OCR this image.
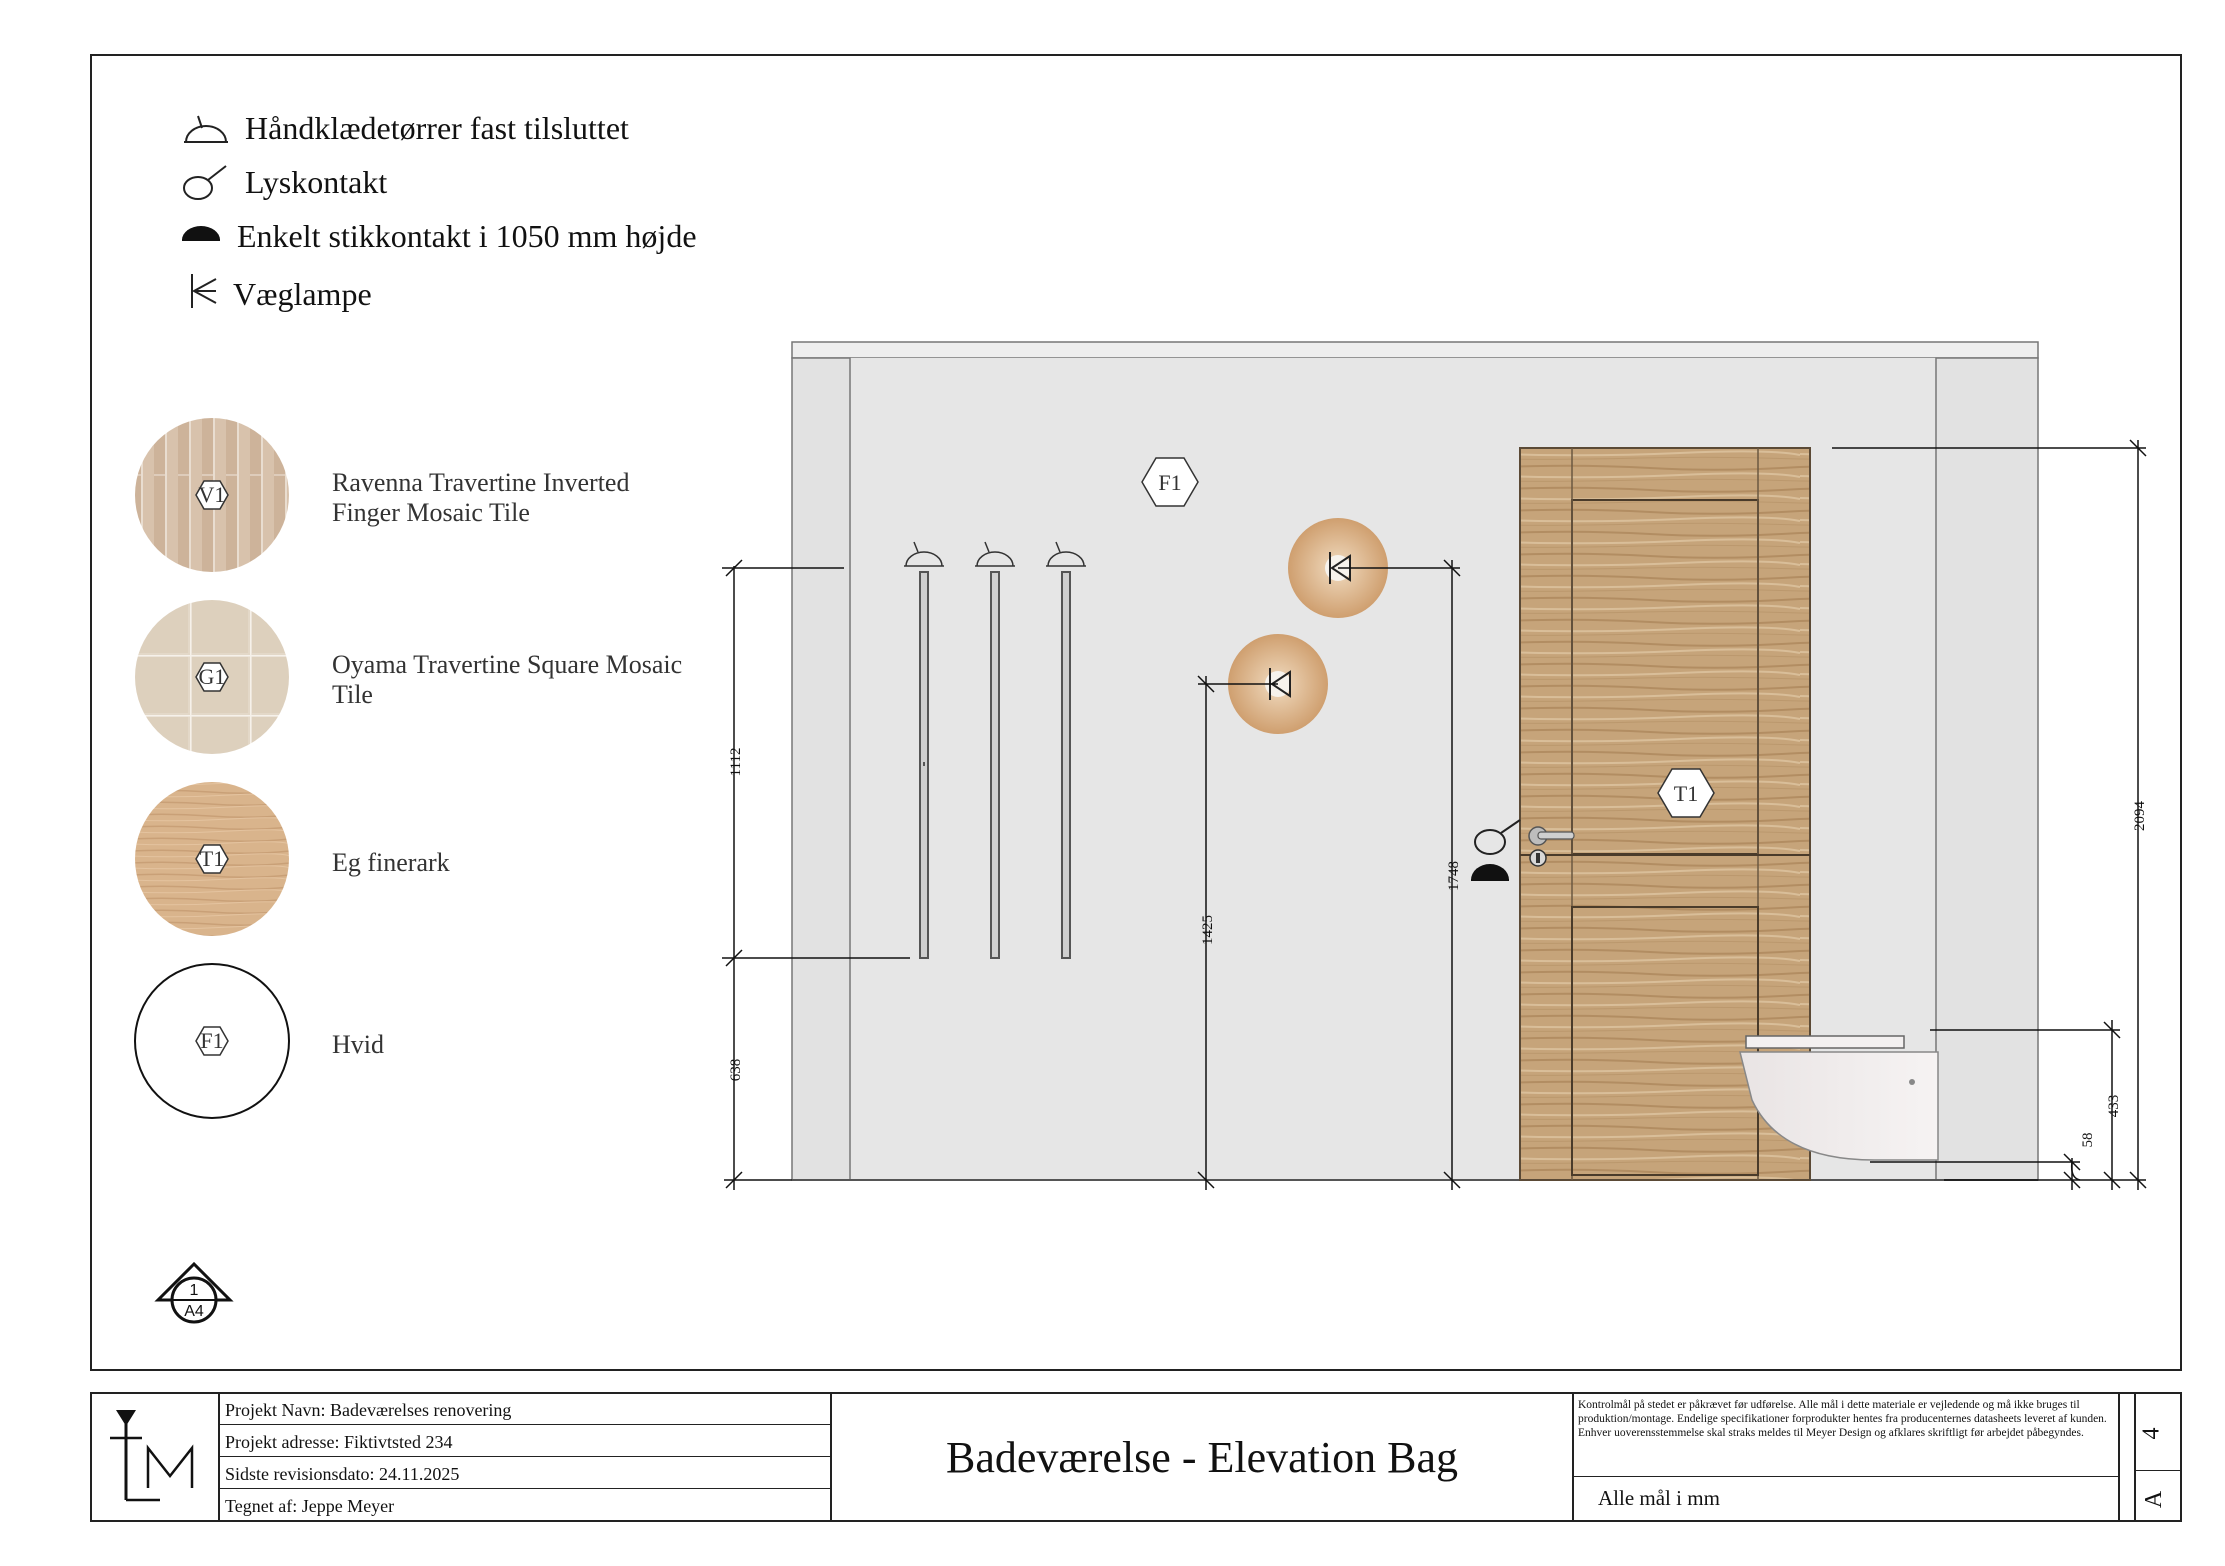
Håndklædetørrer fast tilsluttet
Lyskontakt
Enkelt stikkontakt i 1050 mm højde
Væglampe
V1
G1
T1
F1
Ravenna Travertine Inverted Finger Mosaic Tile
Oyama Travertine Square Mosaic Tile
Eg finerark
Hvid
F1
T1
1112
638
1425
1748
2094
433
58
1
A4
Projekt Navn: Badeværelses renovering
Projekt adresse: Fiktivtsted 234
Sidste revisionsdato: 24.11.2025
Tegnet af: Jeppe Meyer
Badeværelse - Elevation Bag
Kontrolmål på stedet er påkrævet før udførelse. Alle mål i dette materiale er vejledende og må ikke bruges til produktion/montage. Endelige specifikationer forprodukter hentes fra producenternes datasheets leveret af kunden. Enhver uoverensstemmelse skal straks meldes til Meyer Design og afklares skriftligt før arbejdet påbegyndes.
Alle mål i mm
4
A
